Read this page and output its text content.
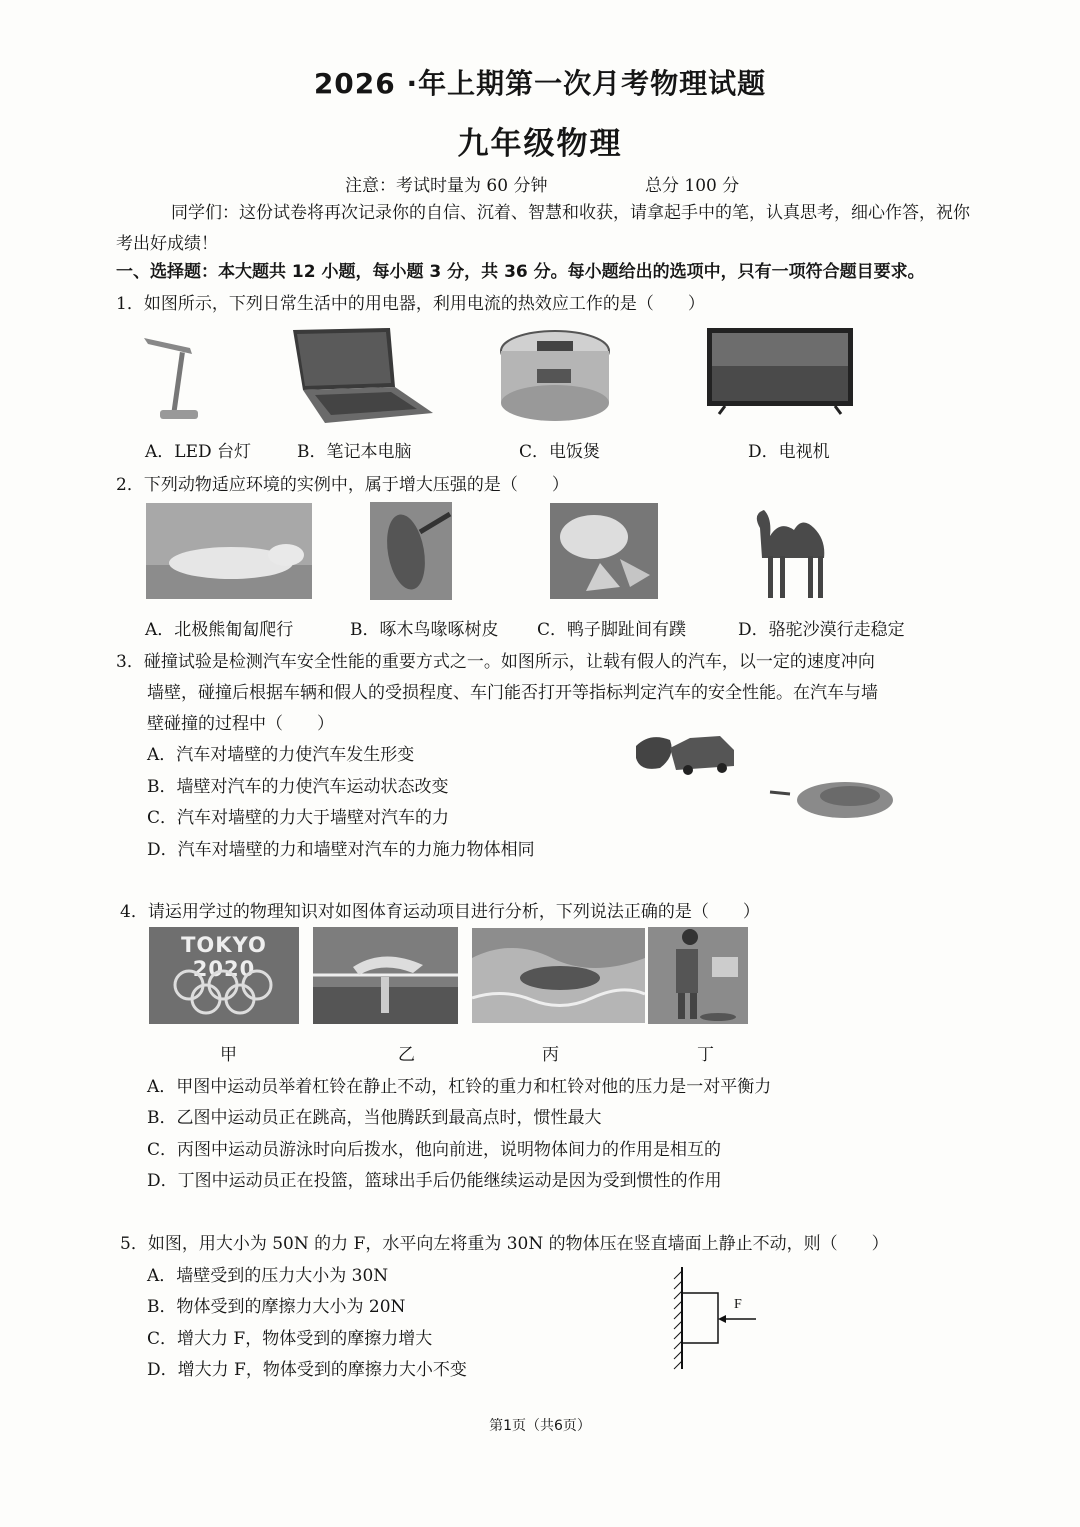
2026 ·年上期第一次月考物理试题
九年级物理
注意：考试时量为 60 分钟	总分 100 分
同学们：这份试卷将再次记录你的自信、沉着、智慧和收获，请拿起手中的笔，认真思考，细心作答，祝你考出好成绩！
一、选择题：本大题共 12 小题，每小题 3 分，共 36 分。每小题给出的选项中，只有一项符合题目要求。
1．如图所示，下列日常生活中的用电器，利用电流的热效应工作的是（　　）
A．LED 台灯	B．笔记本电脑	C．电饭煲	D．电视机
2．下列动物适应环境的实例中，属于增大压强的是（　　）
A．北极熊匍匐爬行	B．啄木鸟喙啄树皮 C．鸭子脚趾间有蹼	D．骆驼沙漠行走稳定
3．碰撞试验是检测汽车安全性能的重要方式之一。如图所示，让载有假人的汽车，以一定的速度冲向
墙壁，碰撞后根据车辆和假人的受损程度、车门能否打开等指标判定汽车的安全性能。在汽车与墙
壁碰撞的过程中（　　）
A．汽车对墙壁的力使汽车发生形变
B．墙壁对汽车的力使汽车运动状态改变
C．汽车对墙壁的力大于墙壁对汽车的力
D．汽车对墙壁的力和墙壁对汽车的力施力物体相同
4．请运用学过的物理知识对如图体育运动项目进行分析，下列说法正确的是（　　）
TOKYO 2020
甲	乙	丙	丁
A．甲图中运动员举着杠铃在静止不动，杠铃的重力和杠铃对他的压力是一对平衡力
B．乙图中运动员正在跳高，当他腾跃到最高点时，惯性最大
C．丙图中运动员游泳时向后拨水，他向前进，说明物体间力的作用是相互的
D．丁图中运动员正在投篮，篮球出手后仍能继续运动是因为受到惯性的作用
5．如图，用大小为 50N 的力 F，水平向左将重为 30N 的物体压在竖直墙面上静止不动，则（　　）
A．墙壁受到的压力大小为 30N
B．物体受到的摩擦力大小为 20N
C．增大力 F，物体受到的摩擦力增大
D．增大力 F，物体受到的摩擦力大小不变
F
第1页（共6页）
